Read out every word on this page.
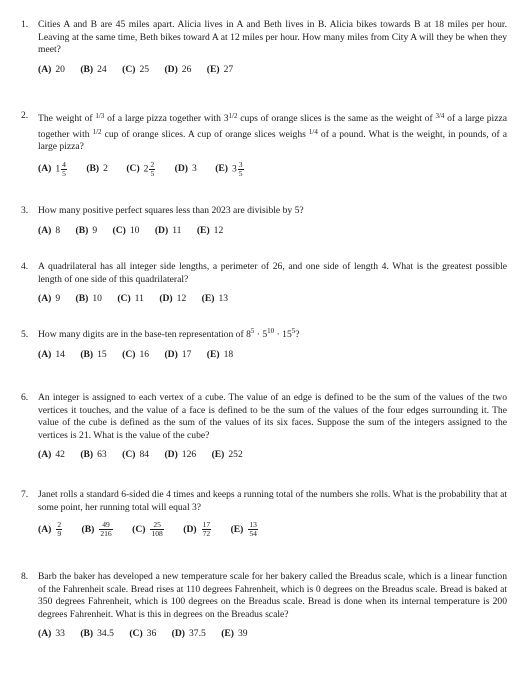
1. Cities A and B are 45 miles apart. Alicia lives in A and Beth lives in B. Alicia bikes towards B at 18 miles per hour. Leaving at the same time, Beth bikes toward A at 12 miles per hour. How many miles from City A will they be when they meet?
(A) 20 (B) 24 (C) 25 (D) 26 (E) 27
2. The weight of $^{1/3}$ of a large pizza together with $3^{1/2}$ cups of orange slices is the same as the weight of $^{3/4}$ of a large pizza together with $^{1/2}$ cup of orange slices. A cup of orange slices weighs $^{1/4}$ of a pound. What is the weight, in pounds, of a large pizza?
(A) $1 \frac{4}{5} (B)$ 2 (C) $2 \frac{2}{5} (D)$ 3 (E) $3 \frac{3}{5}$
3. How many positive perfect squares less than 2023 are divisible by 5?
(A) 8 (B) 9 (C) 10 (D) 11 (E) 12
4. A quadrilateral has all integer side lengths, a perimeter of 26, and one side of length 4. What is the greatest possible length of one side of this quadrilateral?
(A) 9 (B) 10 (C) 11 (D) 12 (E) 13
5. How many digits are in the base-ten representation of $8^5 \cdot 5^{10} \cdot 15^5$?
(A) 14 (B) 15 (C) 16 (D) 17 (E) 18
6. An integer is assigned to each vertex of a cube. The value of an edge is defined to be the sum of the values of the two vertices it touches, and the value of a face is defined to be the sum of the values of the four edges surrounding it. The value of the cube is defined as the sum of the values of its six faces. Suppose the sum of the integers assigned to the vertices is 21. What is the value of the cube?
(A) 42 (B) 63 (C) 84 (D) 126 (E) 252
7. Janet rolls a standard 6-sided die 4 times and keeps a running total of the numbers she rolls. What is the probability that at some point, her running total will equal 3?
$(A) \frac{2}{9} (B) \frac{49}{216} (C) \frac{25}{108} (D) \frac{17}{72} (E) \frac{13}{54}$
8. Barb the baker has developed a new temperature scale for her bakery called the Breadus scale, which is a linear function of the Fahrenheit scale. Bread rises at 110 degrees Fahrenheit, which is 0 degrees on the Breadus scale. Bread is baked at 350 degrees Fahrenheit, which is 100 degrees on the Breadus scale. Bread is done when its internal temperature is 200 degrees Fahrenheit. What is this in degrees on the Breadus scale?
(A) 33 (B) 34.5 (C) 36 (D) 37.5 (E) 39
